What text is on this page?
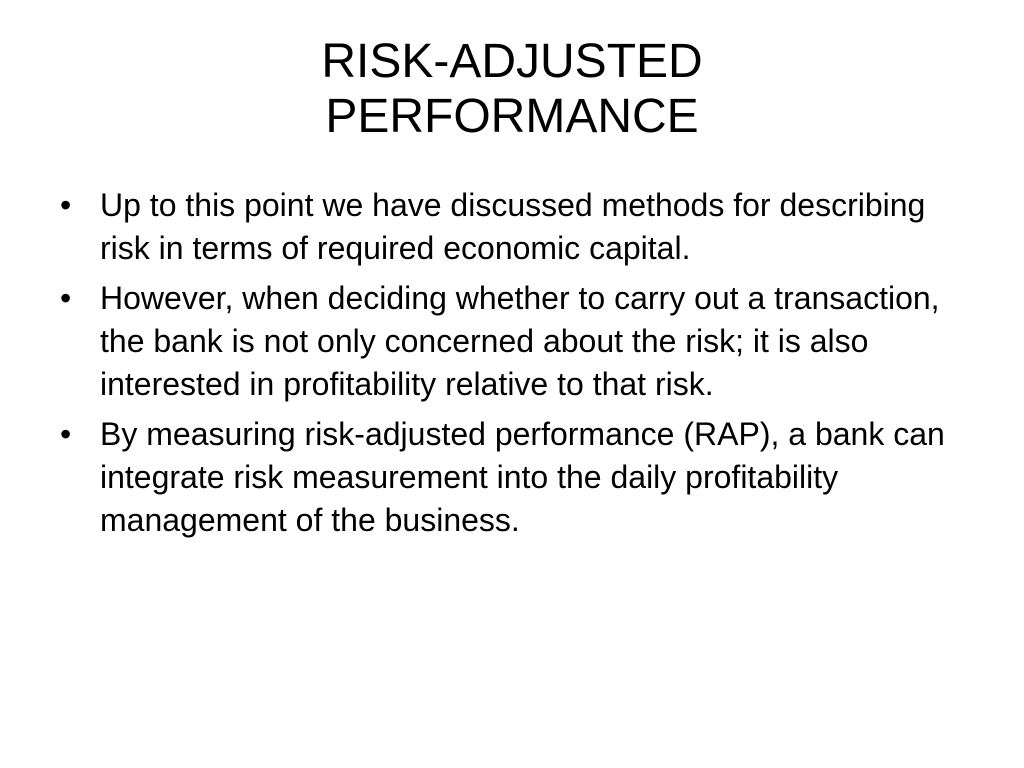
RISK-ADJUSTED
PERFORMANCE
• Up to this point we have discussed methods for describing risk in terms of required economic capital.
• However, when deciding whether to carry out a transaction, the bank is not only concerned about the risk; it is also interested in profitability relative to that risk.
• By measuring risk-adjusted performance (RAP), a bank can integrate risk measurement into the daily profitability management of the business.
